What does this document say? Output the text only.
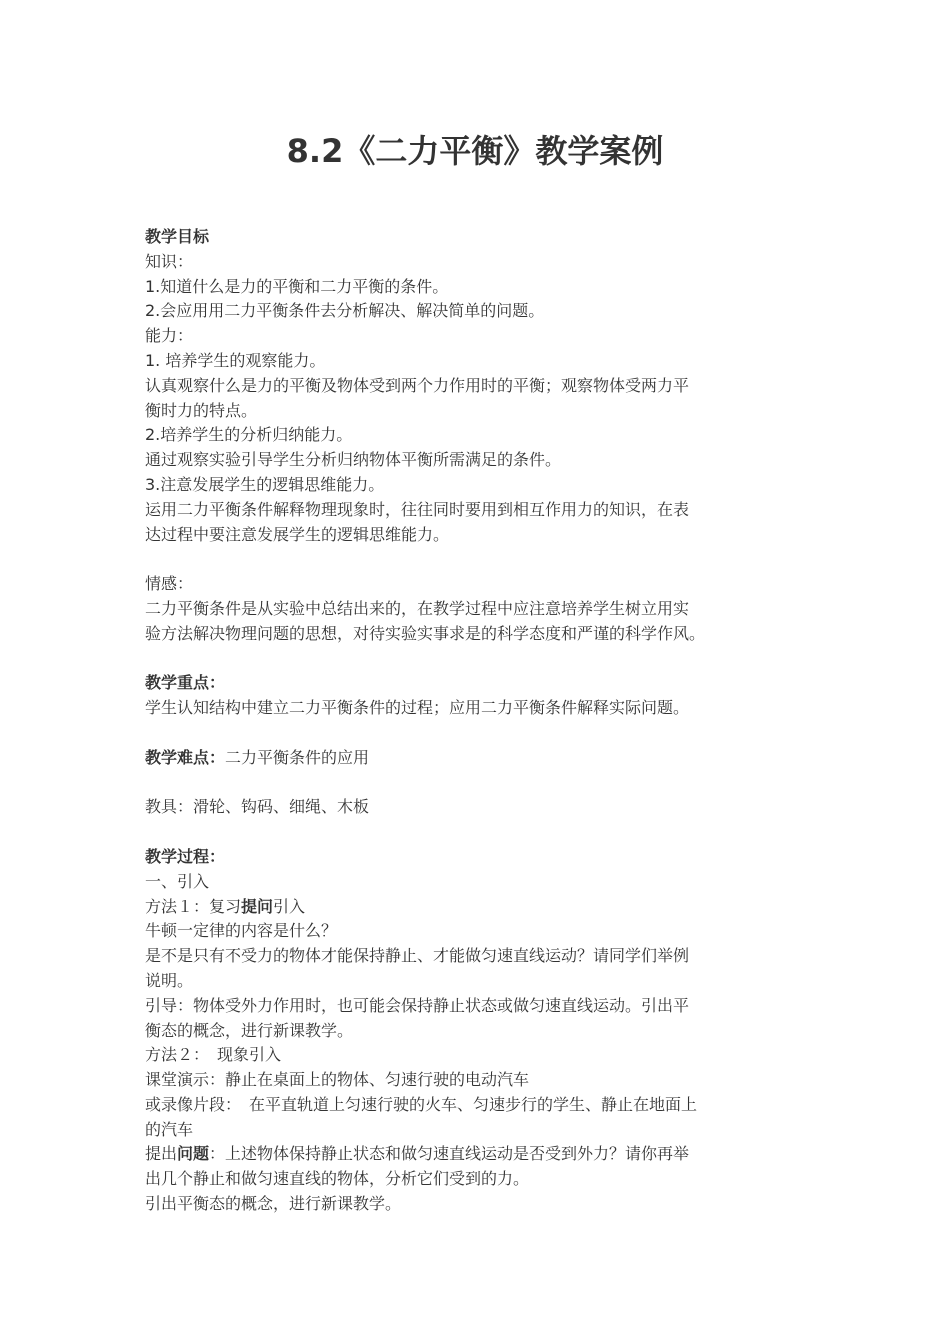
8.2《二力平衡》教学案例
教学目标
知识：
1.知道什么是力的平衡和二力平衡的条件。
2.会应用用二力平衡条件去分析解决、解决简单的问题。
能力：
1. 培养学生的观察能力。
认真观察什么是力的平衡及物体受到两个力作用时的平衡；观察物体受两力平
衡时力的特点。
2.培养学生的分析归纳能力。
通过观察实验引导学生分析归纳物体平衡所需满足的条件。
3.注意发展学生的逻辑思维能力。
运用二力平衡条件解释物理现象时，往往同时要用到相互作用力的知识，在表
达过程中要注意发展学生的逻辑思维能力。
情感：
二力平衡条件是从实验中总结出来的，在教学过程中应注意培养学生树立用实
验方法解决物理问题的思想，对待实验实事求是的科学态度和严谨的科学作风。
教学重点：
学生认知结构中建立二力平衡条件的过程；应用二力平衡条件解释实际问题。
教学难点：二力平衡条件的应用
教具：滑轮、钩码、细绳、木板
教学过程：
一、引入
方法１：复习提问引入
牛顿一定律的内容是什么？
是不是只有不受力的物体才能保持静止、才能做匀速直线运动？请同学们举例
说明。
引导：物体受外力作用时，也可能会保持静止状态或做匀速直线运动。引出平
衡态的概念，进行新课教学。
方法２：　现象引入
课堂演示：静止在桌面上的物体、匀速行驶的电动汽车
或录像片段：　在平直轨道上匀速行驶的火车、匀速步行的学生、静止在地面上
的汽车
提出问题：上述物体保持静止状态和做匀速直线运动是否受到外力？请你再举
出几个静止和做匀速直线的物体，分析它们受到的力。
引出平衡态的概念，进行新课教学。
